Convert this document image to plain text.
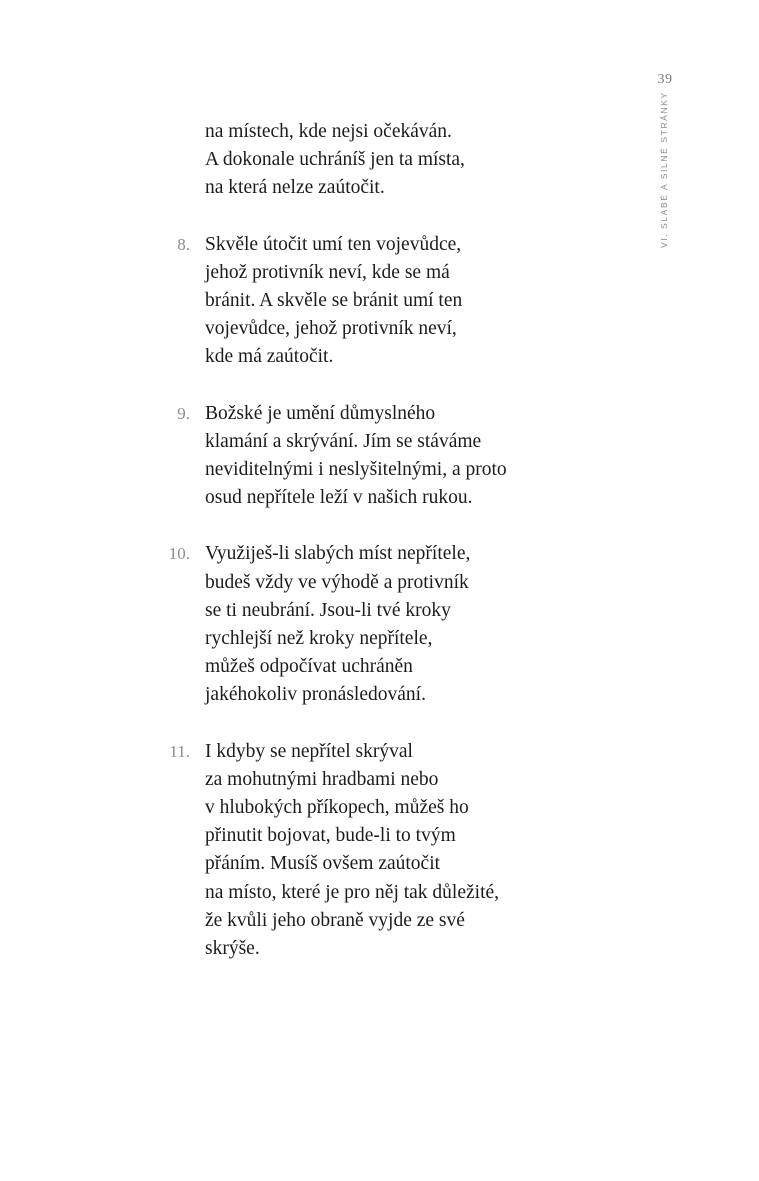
39
VI. SLABÉ A SILNÉ STRÁNKY
na místech, kde nejsi očekáván.
A dokonale uchráníš jen ta místa,
na která nelze zaútočit.
8. Skvěle útočit umí ten vojevůdce,
jehož protivník neví, kde se má
bránit. A skvěle se bránit umí ten
vojevůdce, jehož protivník neví,
kde má zaútočit.
9. Božské je umění důmyslného
klamání a skrývání. Jím se stáváme
neviditelnými i neslyšitelnými, a proto
osud nepřítele leží v našich rukou.
10. Využiješ-li slabých míst nepřítele,
budeš vždy ve výhodě a protivník
se ti neubrání. Jsou-li tvé kroky
rychlejší než kroky nepřítele,
můžeš odpočívat uchráněn
jakéhokoliv pronásledování.
11. I kdyby se nepřítel skrýval
za mohutnými hradbami nebo
v hlubokých příkopech, můžeš ho
přinutit bojovat, bude-li to tvým
přáním. Musíš ovšem zaútočit
na místo, které je pro něj tak důležité,
že kvůli jeho obraně vyjde ze své
skrýše.
